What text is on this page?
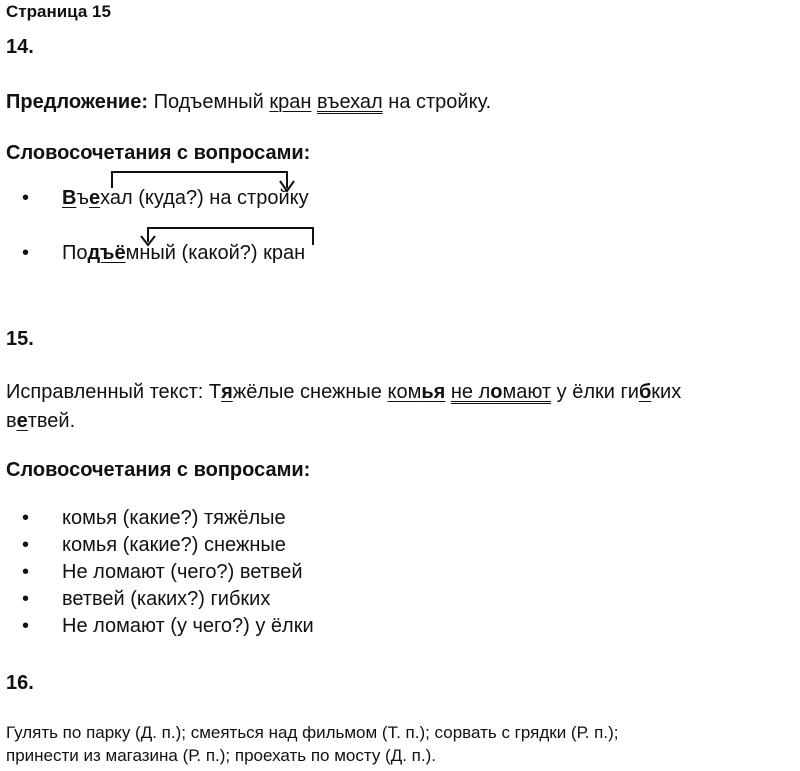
Страница 15
14.
Предложение: Подъемный кран въехал на стройку.
Словосочетания с вопросами:
• Въехал (куда?) на стройку
• Подъёмный (какой?) кран
15.
Исправленный текст: Тяжёлые снежные комья не ломают у ёлки гибких
ветвей.
Словосочетания с вопросами:
• комья (какие?) тяжёлые
• комья (какие?) снежные
• Не ломают (чего?) ветвей
• ветвей (каких?) гибких
• Не ломают (у чего?) у ёлки
16.
Гулять по парку (Д. п.); смеяться над фильмом (Т. п.); сорвать с грядки (Р. п.);
принести из магазина (Р. п.); проехать по мосту (Д. п.).
